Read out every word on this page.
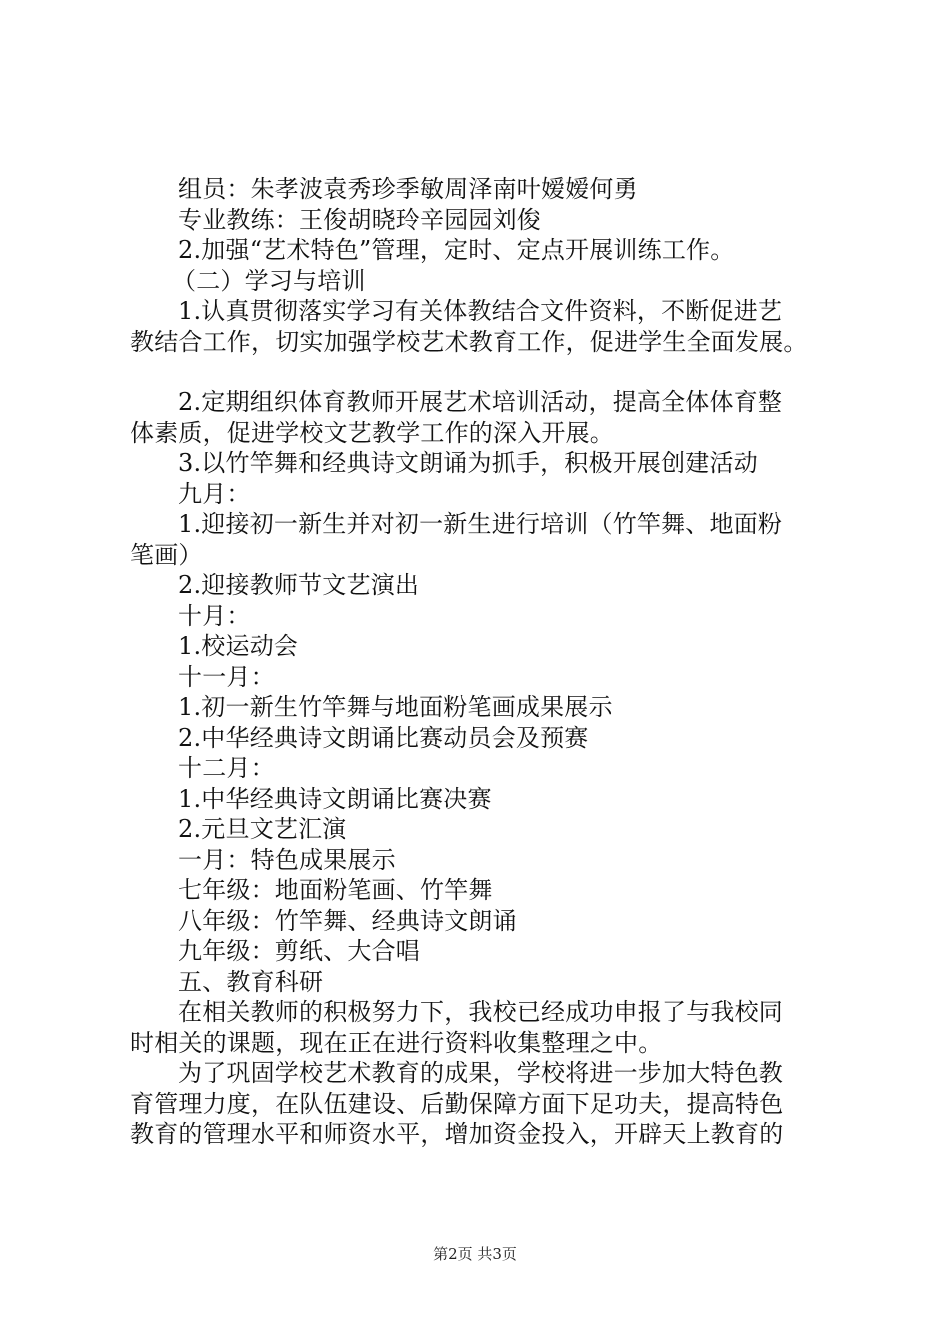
组员：朱孝波袁秀珍季敏周泽南叶嫒嫒何勇
专业教练：王俊胡晓玲辛园园刘俊
2.加强“艺术特色”管理，定时、定点开展训练工作。
（二）学习与培训
1.认真贯彻落实学习有关体教结合文件资料，不断促进艺
教结合工作，切实加强学校艺术教育工作，促进学生全面发展。
2.定期组织体育教师开展艺术培训活动，提高全体体育整
体素质，促进学校文艺教学工作的深入开展。
3.以竹竿舞和经典诗文朗诵为抓手，积极开展创建活动
九月：
1.迎接初一新生并对初一新生进行培训（竹竿舞、地面粉
笔画）
2.迎接教师节文艺演出
十月：
1.校运动会
十一月：
1.初一新生竹竿舞与地面粉笔画成果展示
2.中华经典诗文朗诵比赛动员会及预赛
十二月：
1.中华经典诗文朗诵比赛决赛
2.元旦文艺汇演
一月：特色成果展示
七年级：地面粉笔画、竹竿舞
八年级：竹竿舞、经典诗文朗诵
九年级：剪纸、大合唱
五、教育科研
在相关教师的积极努力下，我校已经成功申报了与我校同
时相关的课题，现在正在进行资料收集整理之中。
为了巩固学校艺术教育的成果，学校将进一步加大特色教
育管理力度，在队伍建设、后勤保障方面下足功夫，提高特色
教育的管理水平和师资水平，增加资金投入，开辟天上教育的
第2页 共3页
